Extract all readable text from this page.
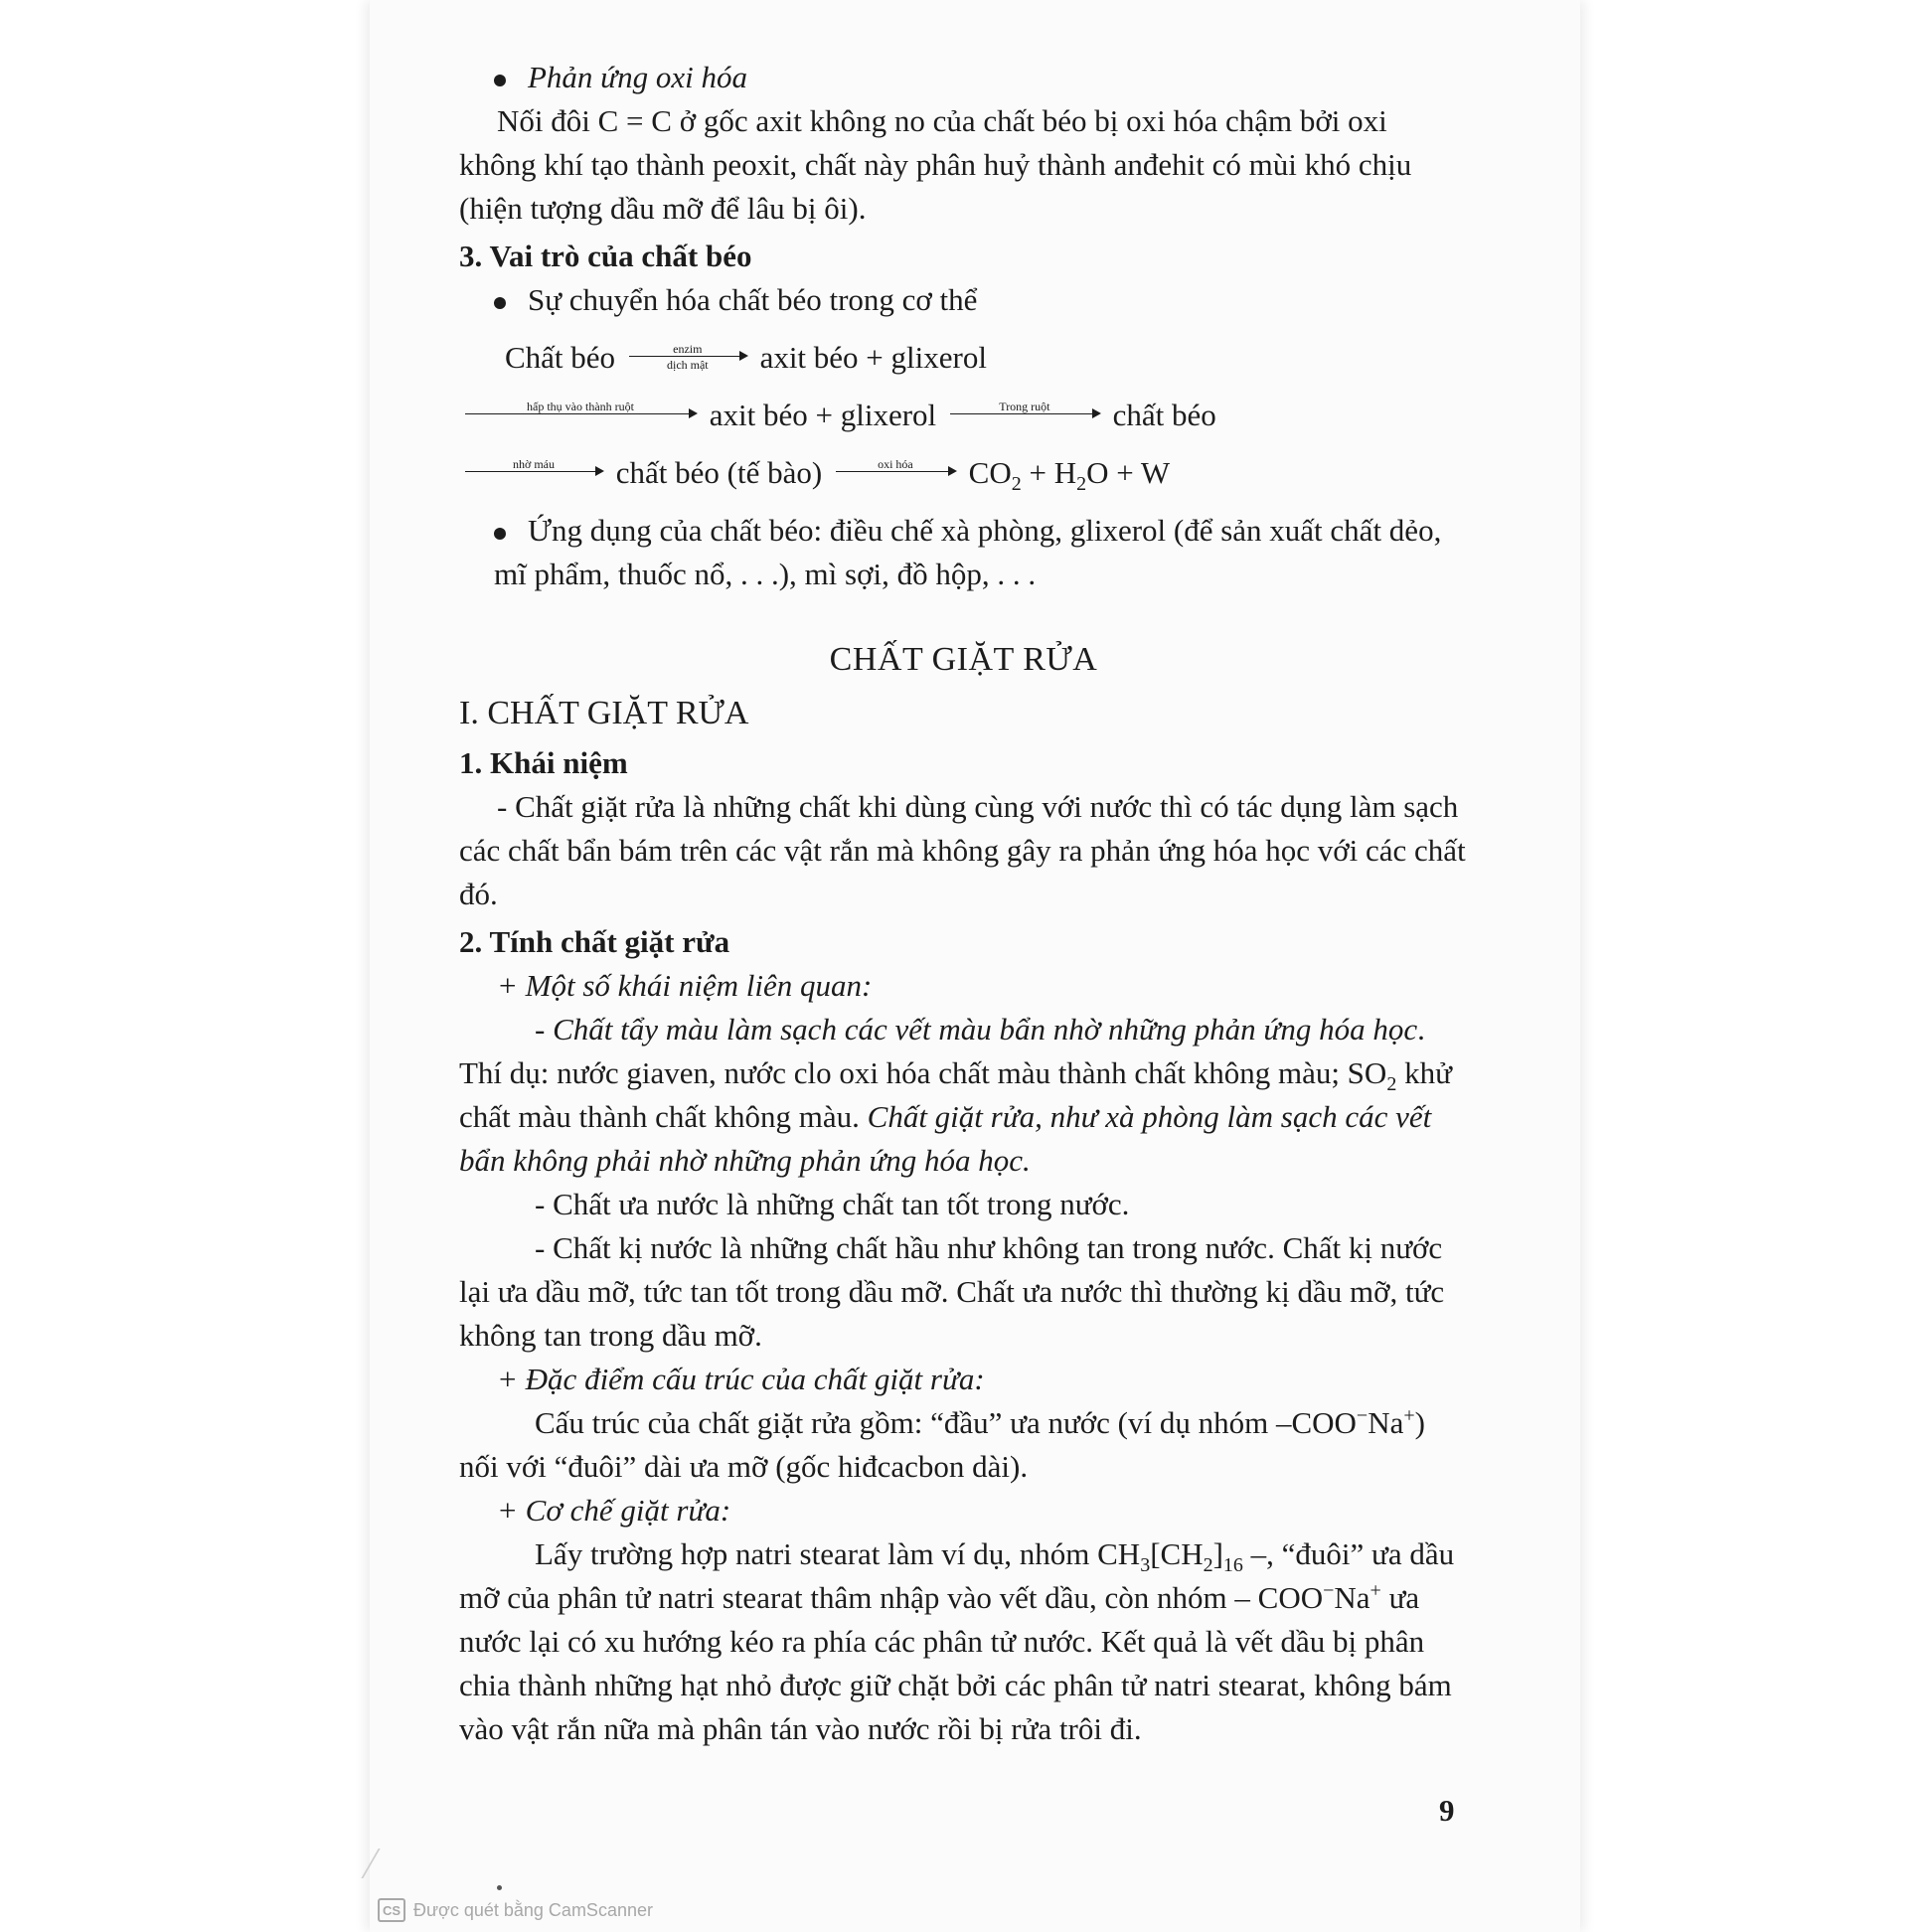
Phản ứng oxi hóa

Nối đôi C = C ở gốc axit không no của chất béo bị oxi hóa chậm bởi oxi không khí tạo thành peoxit, chất này phân huỷ thành anđehit có mùi khó chịu (hiện tượng dầu mỡ để lâu bị ôi).

3. Vai trò của chất béo

Sự chuyển hóa chất béo trong cơ thể

Chất béo	enzim
dịch mật axit béo + glixerol

hấp thụ vào thành ruột
axit béo + glixerol	Trong ruột
chất béo

nhờ máu
chất béo (tế bào)	oxi hóa
$CO_2 + H_2O + W$

Ứng dụng của chất béo: điều chế xà phòng, glixerol (để sản xuất chất dẻo, mĩ phẩm, thuốc nổ, . . .), mì sợi, đồ hộp, . . .

CHẤT GIẶT RỬA

I. CHẤT GIẶT RỬA

1. Khái niệm

- Chất giặt rửa là những chất khi dùng cùng với nước thì có tác dụng làm sạch các chất bẩn bám trên các vật rắn mà không gây ra phản ứng hóa học với các chất đó.

2. Tính chất giặt rửa

+ Một số khái niệm liên quan:

- Chất tẩy màu làm sạch các vết màu bẩn nhờ những phản ứng hóa học. Thí dụ: nước giaven, nước clo oxi hóa chất màu thành chất không màu; $SO_2$ khử chất màu thành chất không màu. Chất giặt rửa, như xà phòng làm sạch các vết bẩn không phải nhờ những phản ứng hóa học.

- Chất ưa nước là những chất tan tốt trong nước.

- Chất kị nước là những chất hầu như không tan trong nước. Chất kị nước lại ưa dầu mỡ, tức tan tốt trong dầu mỡ. Chất ưa nước thì thường kị dầu mỡ, tức không tan trong dầu mỡ.

+ Đặc điểm cấu trúc của chất giặt rửa:

Cấu trúc của chất giặt rửa gồm: “đầu” ưa nước (ví dụ nhóm –COO−Na+) nối với “đuôi” dài ưa mỡ (gốc hiđcacbon dài).

+ Cơ chế giặt rửa:

Lấy trường hợp natri stearat làm ví dụ, nhóm $CH_3[CH_2]_{16}$ –, “đuôi” ưa dầu mỡ của phân tử natri stearat thâm nhập vào vết dầu, còn nhóm – COO−Na+ ưa nước lại có xu hướng kéo ra phía các phân tử nước. Kết quả là vết dầu bị phân chia thành những hạt nhỏ được giữ chặt bởi các phân tử natri stearat, không bám vào vật rắn nữa mà phân tán vào nước rồi bị rửa trôi đi.

9
CS Được quét bằng CamScanner
